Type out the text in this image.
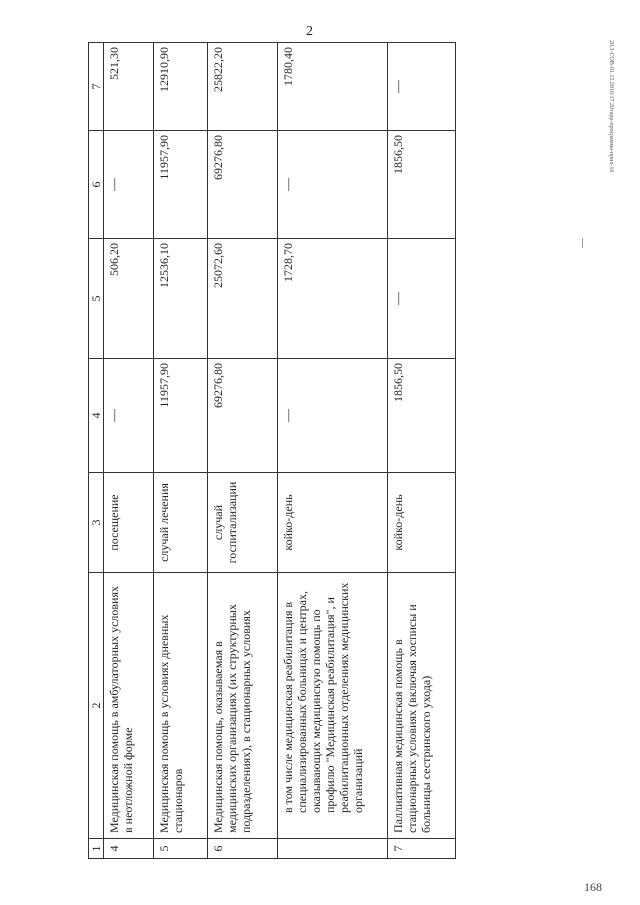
2
20.3-СОВ-01.12.2016/17.20тарр-программа-прил-16
1	2	3	4	5	6	7
4	Медицинская помощь в амбулаторных условиях в неотложной форме	посещение	—	506,20	—	521,30
5	Медицинская помощь в условиях дневных стационаров	случай лечения	11957,90	12536,10	11957,90	12910,90
6	Медицинская помощь, оказываемая в медицинских организациях (их структурных подразделениях), в стационарных условиях	случай госпитализации	69276,80	25072,60	69276,80	25822,20

	в том числе медицинская реабилитация в специализированных больницах и центрах, оказывающих медицинскую помощь по профилю "Медицинская реабилитация", и реабилитационных отделениях медицинских организаций	койко-день	—	1728,70	—	1780,40
7	Паллиативная медицинская помощь в стационарных условиях (включая хосписы и больницы сестринского ухода)	койко-день	1856,50	—	1856,50	—
168
